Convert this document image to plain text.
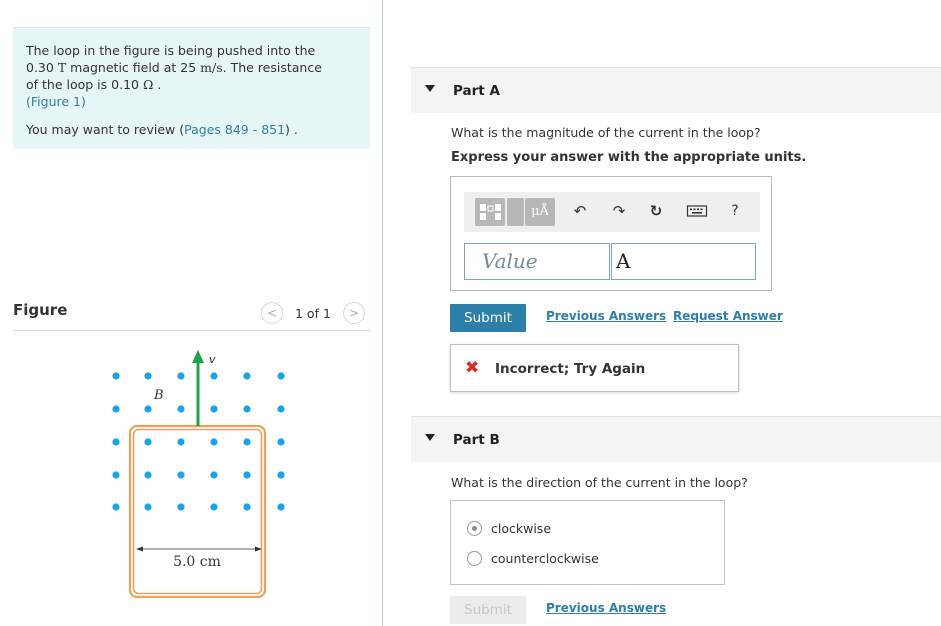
The loop in the figure is being pushed into the
0.30 T magnetic field at 25 m/s. The resistance
of the loop is 0.10 Ω .
(Figure 1)
You may want to review (Pages 849 - 851) .
Figure	<	1 of 1	>
v
B
5.0 cm
Part A
What is the magnitude of the current in the loop?
Express your answer with the appropriate units.
μÅ	↶	↷	↻	?
Value	A
Submit	Previous Answers Request Answer
✖ Incorrect; Try Again
Part B
What is the direction of the current in the loop?
clockwise
counterclockwise
Submit	Previous Answers
